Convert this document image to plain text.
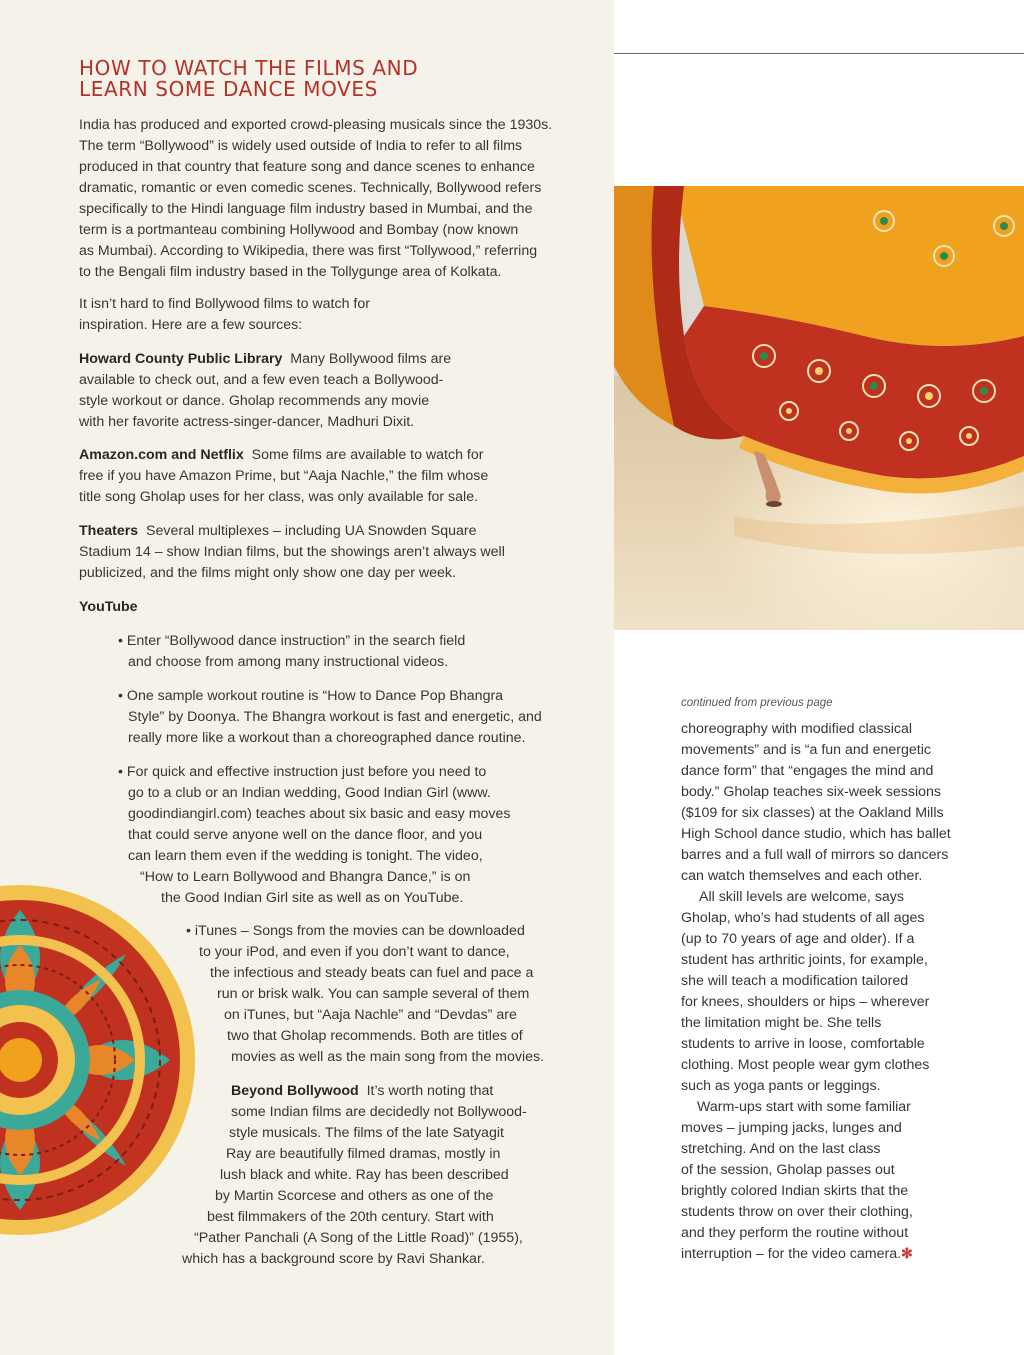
HOW TO WATCH THE FILMS AND
LEARN SOME DANCE MOVES

India has produced and exported crowd-pleasing musicals since the 1930s.
The term “Bollywood” is widely used outside of India to refer to all films
produced in that country that feature song and dance scenes to enhance
dramatic, romantic or even comedic scenes. Technically, Bollywood refers
specifically to the Hindi language film industry based in Mumbai, and the
term is a portmanteau combining Hollywood and Bombay (now known
as Mumbai). According to Wikipedia, there was first “Tollywood,” referring
to the Bengali film industry based in the Tollygunge area of Kolkata.

It isn’t hard to find Bollywood films to watch for
inspiration. Here are a few sources:

Howard County Public Library Many Bollywood films are
available to check out, and a few even teach a Bollywood-
style workout or dance. Gholap recommends any movie
with her favorite actress-singer-dancer, Madhuri Dixit.

Amazon.com and Netflix Some films are available to watch for
free if you have Amazon Prime, but “Aaja Nachle,” the film whose
title song Gholap uses for her class, was only available for sale.

Theaters Several multiplexes – including UA Snowden Square
Stadium 14 – show Indian films, but the showings aren’t always well
publicized, and the films might only show one day per week.

YouTube

• Enter “Bollywood dance instruction” in the search field
and choose from among many instructional videos.

• One sample workout routine is “How to Dance Pop Bhangra
Style” by Doonya. The Bhangra workout is fast and energetic, and
really more like a workout than a choreographed dance routine.

• For quick and effective instruction just before you need to
go to a club or an Indian wedding, Good Indian Girl (www.
goodindiangirl.com) teaches about six basic and easy moves
that could serve anyone well on the dance floor, and you
can learn them even if the wedding is tonight. The video,
“How to Learn Bollywood and Bhangra Dance,” is on
the Good Indian Girl site as well as on YouTube.

• iTunes – Songs from the movies can be downloaded
to your iPod, and even if you don’t want to dance,
the infectious and steady beats can fuel and pace a
run or brisk walk. You can sample several of them
on iTunes, but “Aaja Nachle” and “Devdas” are
two that Gholap recommends. Both are titles of
movies as well as the main song from the movies.

Beyond Bollywood It’s worth noting that
some Indian films are decidedly not Bollywood-
style musicals. The films of the late Satyagit
Ray are beautifully filmed dramas, mostly in
lush black and white. Ray has been described
by Martin Scorcese and others as one of the
best filmmakers of the 20th century. Start with
“Pather Panchali (A Song of the Little Road)” (1955),
which has a background score by Ravi Shankar.

continued from previous page

choreography with modified classical
movements” and is “a fun and energetic
dance form” that “engages the mind and
body.” Gholap teaches six-week sessions
($109 for six classes) at the Oakland Mills
High School dance studio, which has ballet
barres and a full wall of mirrors so dancers
can watch themselves and each other.
All skill levels are welcome, says
Gholap, who’s had students of all ages
(up to 70 years of age and older). If a
student has arthritic joints, for example,
she will teach a modification tailored
for knees, shoulders or hips – wherever
the limitation might be. She tells
students to arrive in loose, comfortable
clothing. Most people wear gym clothes
such as yoga pants or leggings.
Warm-ups start with some familiar
moves – jumping jacks, lunges and
stretching. And on the last class
of the session, Gholap passes out
brightly colored Indian skirts that the
students throw on over their clothing,
and they perform the routine without
interruption – for the video camera.✻
